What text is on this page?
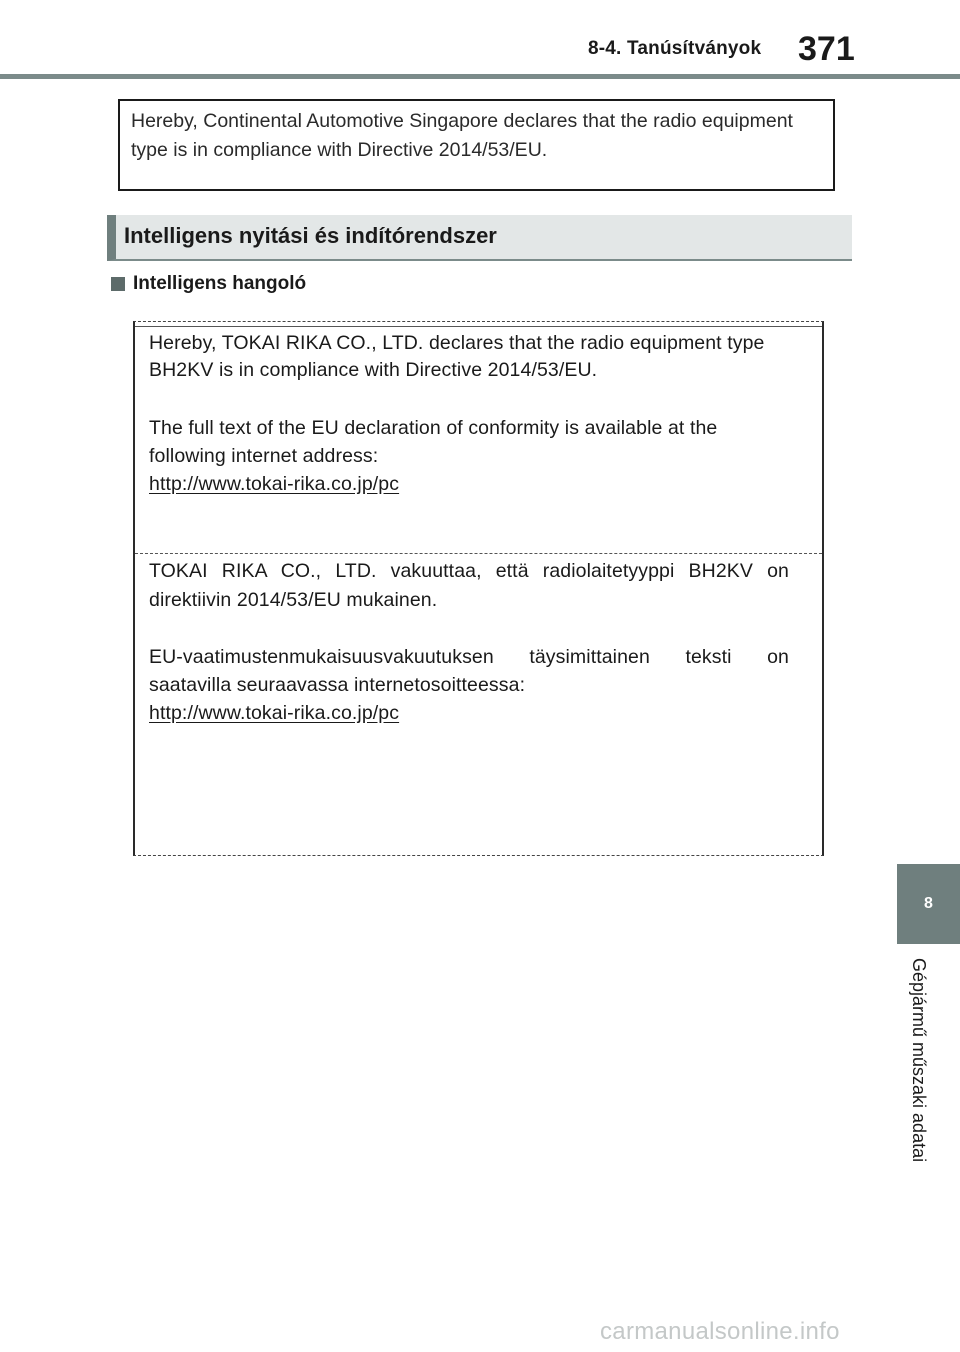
8-4. Tanúsítványok 371
Hereby, Continental Automotive Singapore declares that the radio equipment
type is in compliance with Directive 2014/53/EU.
Intelligens nyitási és indítórendszer
Intelligens hangoló
Hereby, TOKAI RIKA CO., LTD. declares that the radio equipment type
BH2KV is in compliance with Directive 2014/53/EU.
The full text of the EU declaration of conformity is available at the
following internet address:
http://www.tokai-rika.co.jp/pc
TOKAI RIKA CO., LTD. vakuuttaa, että radiolaitetyyppi BH2KV on
direktiivin 2014/53/EU mukainen.
EU-vaatimustenmukaisuusvakuutuksen täysimittainen teksti on
saatavilla seuraavassa internetosoitteessa:
http://www.tokai-rika.co.jp/pc
8
Gépjármű műszaki adatai
carmanualsonline.info
